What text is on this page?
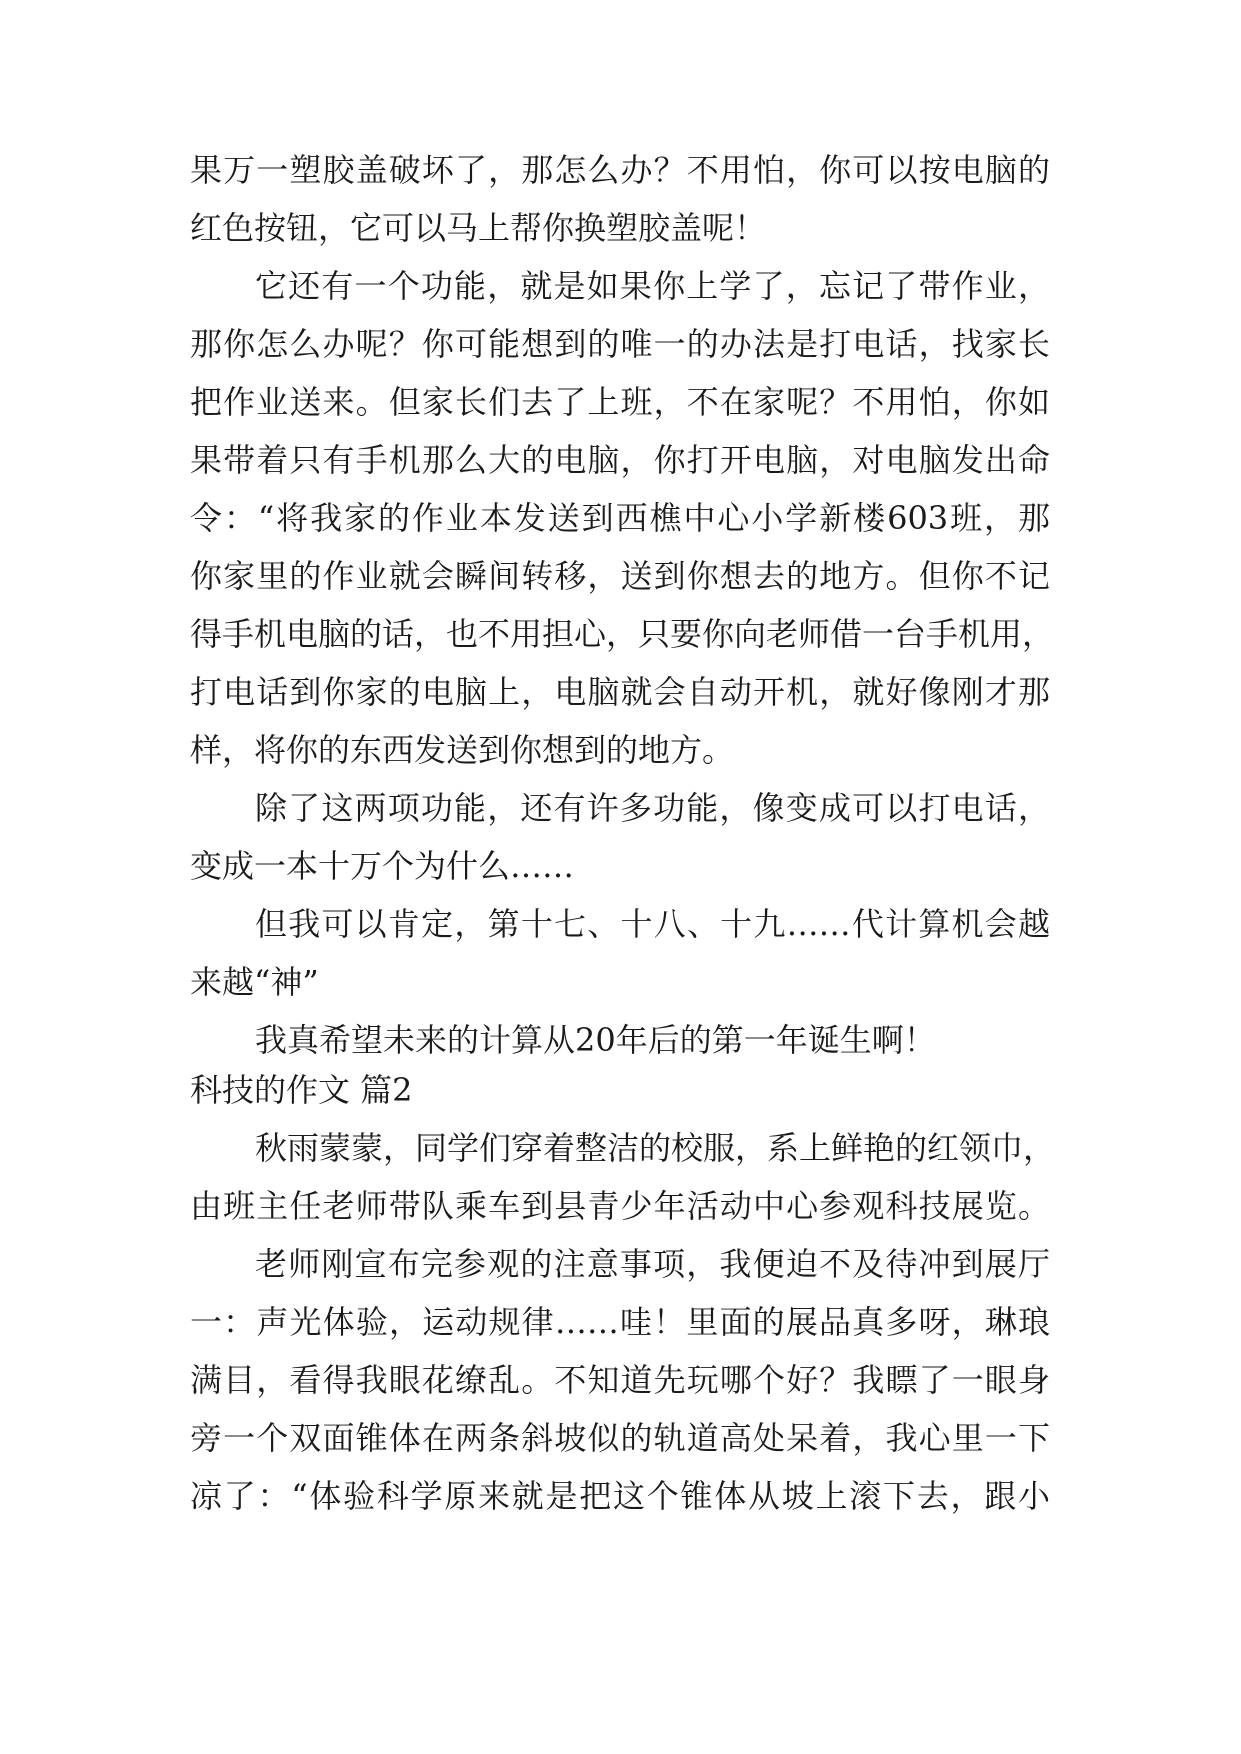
果万一塑胶盖破坏了，那怎么办？不用怕，你可以按电脑的
红色按钮，它可以马上帮你换塑胶盖呢！
它还有一个功能，就是如果你上学了，忘记了带作业，
那你怎么办呢？你可能想到的唯一的办法是打电话，找家长
把作业送来。但家长们去了上班，不在家呢？不用怕，你如
果带着只有手机那么大的电脑，你打开电脑，对电脑发出命
令：“将我家的作业本发送到西樵中心小学新楼603班，那
你家里的作业就会瞬间转移，送到你想去的地方。但你不记
得手机电脑的话，也不用担心，只要你向老师借一台手机用，
打电话到你家的电脑上，电脑就会自动开机，就好像刚才那
样，将你的东西发送到你想到的地方。
除了这两项功能，还有许多功能，像变成可以打电话，
变成一本十万个为什么……
但我可以肯定，第十七、十八、十九……代计算机会越
来越“神”
我真希望未来的计算从20年后的第一年诞生啊！
科技的作文 篇2
秋雨蒙蒙，同学们穿着整洁的校服，系上鲜艳的红领巾，
由班主任老师带队乘车到县青少年活动中心参观科技展览。
老师刚宣布完参观的注意事项，我便迫不及待冲到展厅
一：声光体验，运动规律……哇！里面的展品真多呀，琳琅
满目，看得我眼花缭乱。不知道先玩哪个好？我瞟了一眼身
旁一个双面锥体在两条斜坡似的轨道高处呆着，我心里一下
凉了：“体验科学原来就是把这个锥体从坡上滚下去，跟小
